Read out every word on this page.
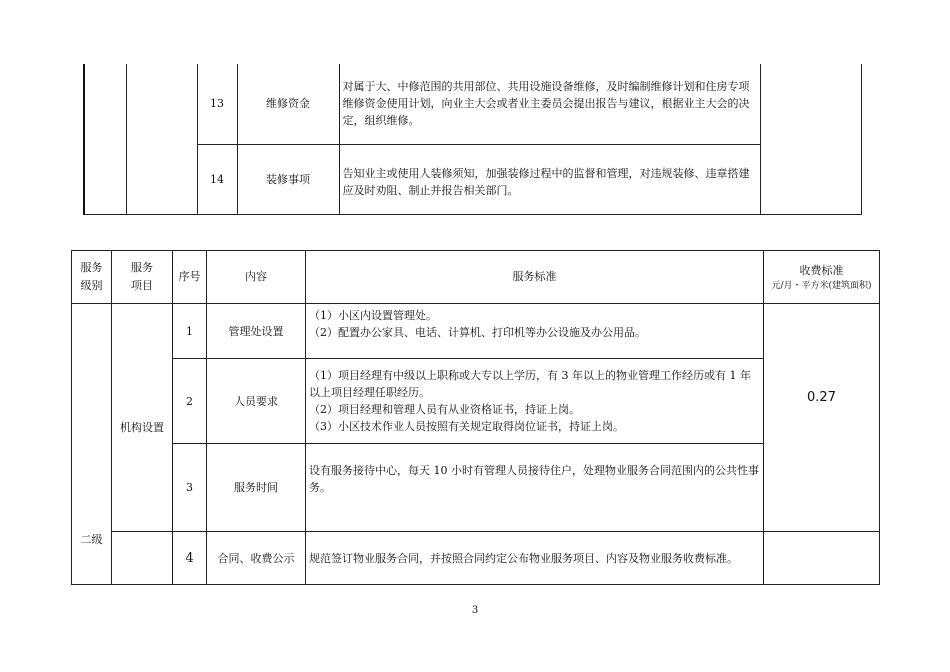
		13	维修资金	对属于大、中修范围的共用部位、共用设施设备维修，及时编制维修计划和住房专项维修资金使用计划，向业主大会或者业主委员会提出报告与建议，根据业主大会的决定，组织维修。
		14	装修事项	告知业主或使用人装修须知，加强装修过程中的监督和管理，对违规装修、违章搭建应及时劝阻、制止并报告相关部门。
服务级别	服务项目	序号	内容	服务标准	收费标准
元/月・平方米(建筑面积)

二级	机构设置	1	管理处设置	（1）小区内设置管理处。
（2）配置办公家具、电话、计算机、打印机等办公设施及办公用品。	0.27
		2	人员要求	（1）项目经理有中级以上职称或大专以上学历，有 3 年以上的物业管理工作经历或有 1 年以上项目经理任职经历。
（2）项目经理和管理人员有从业资格证书，持证上岗。
（3）小区技术作业人员按照有关规定取得岗位证书，持证上岗。	

		3	服务时间	设有服务接待中心，每天 10 小时有管理人员接待住户，处理物业服务合同范围内的公共性事务。	

		4	合同、收费公示	规范签订物业服务合同，并按照合同约定公布物业服务项目、内容及物业服务收费标准。	

3
